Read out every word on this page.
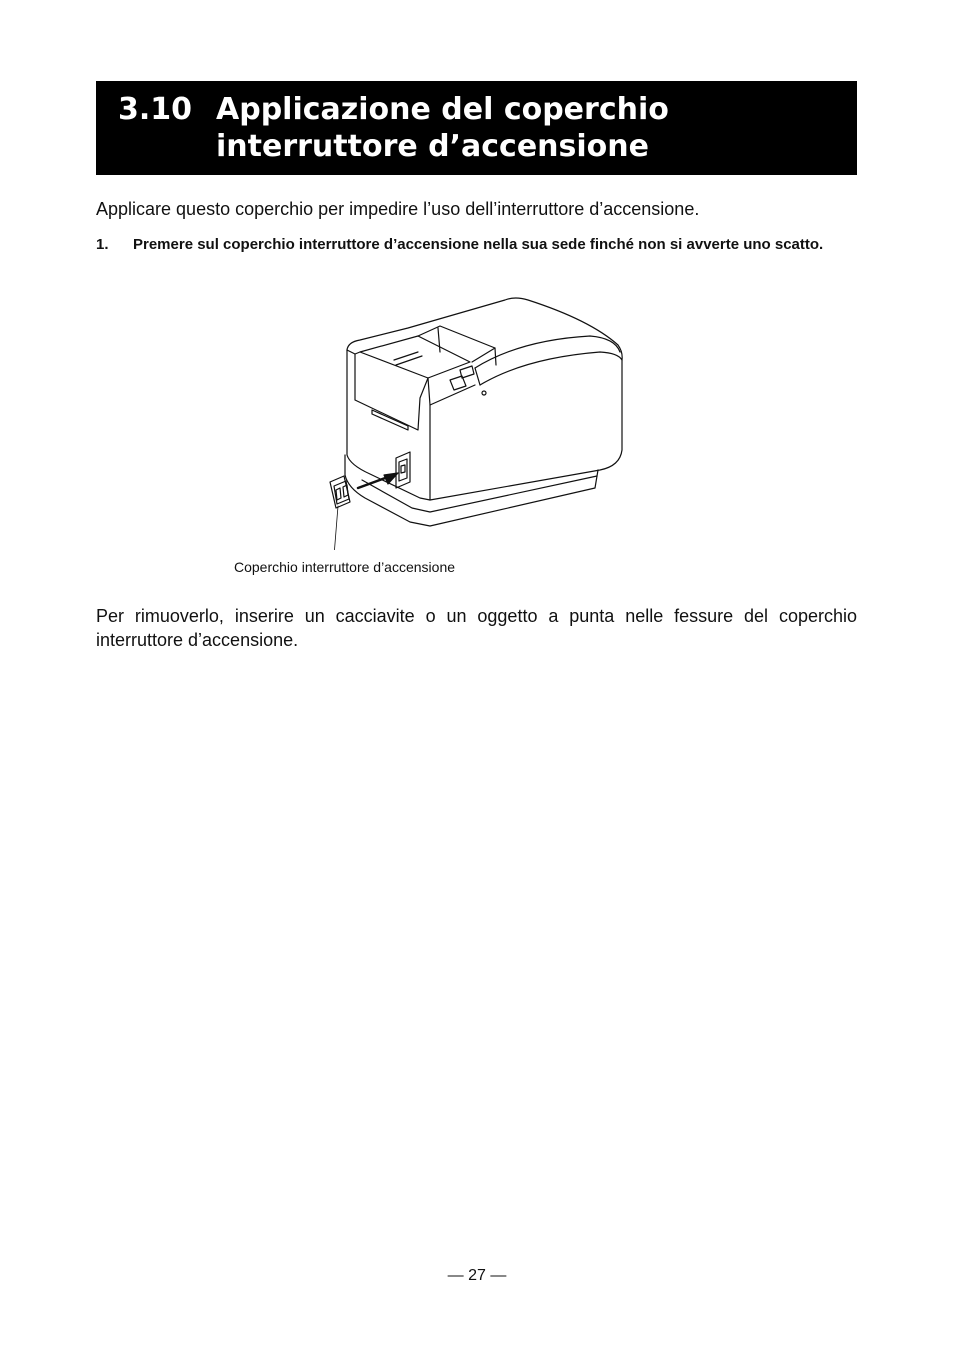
3.10 Applicazione del coperchio interruttore d’accensione

Applicare questo coperchio per impedire l’uso dell’interruttore d’accensione.

1. Premere sul coperchio interruttore d’accensione nella sua sede finché non si avverte uno scatto.
Coperchio interruttore d’accensione

Per rimuoverlo, inserire un cacciavite o un oggetto a punta nelle fessure del coperchio interruttore d’accensione.

— 27 —
